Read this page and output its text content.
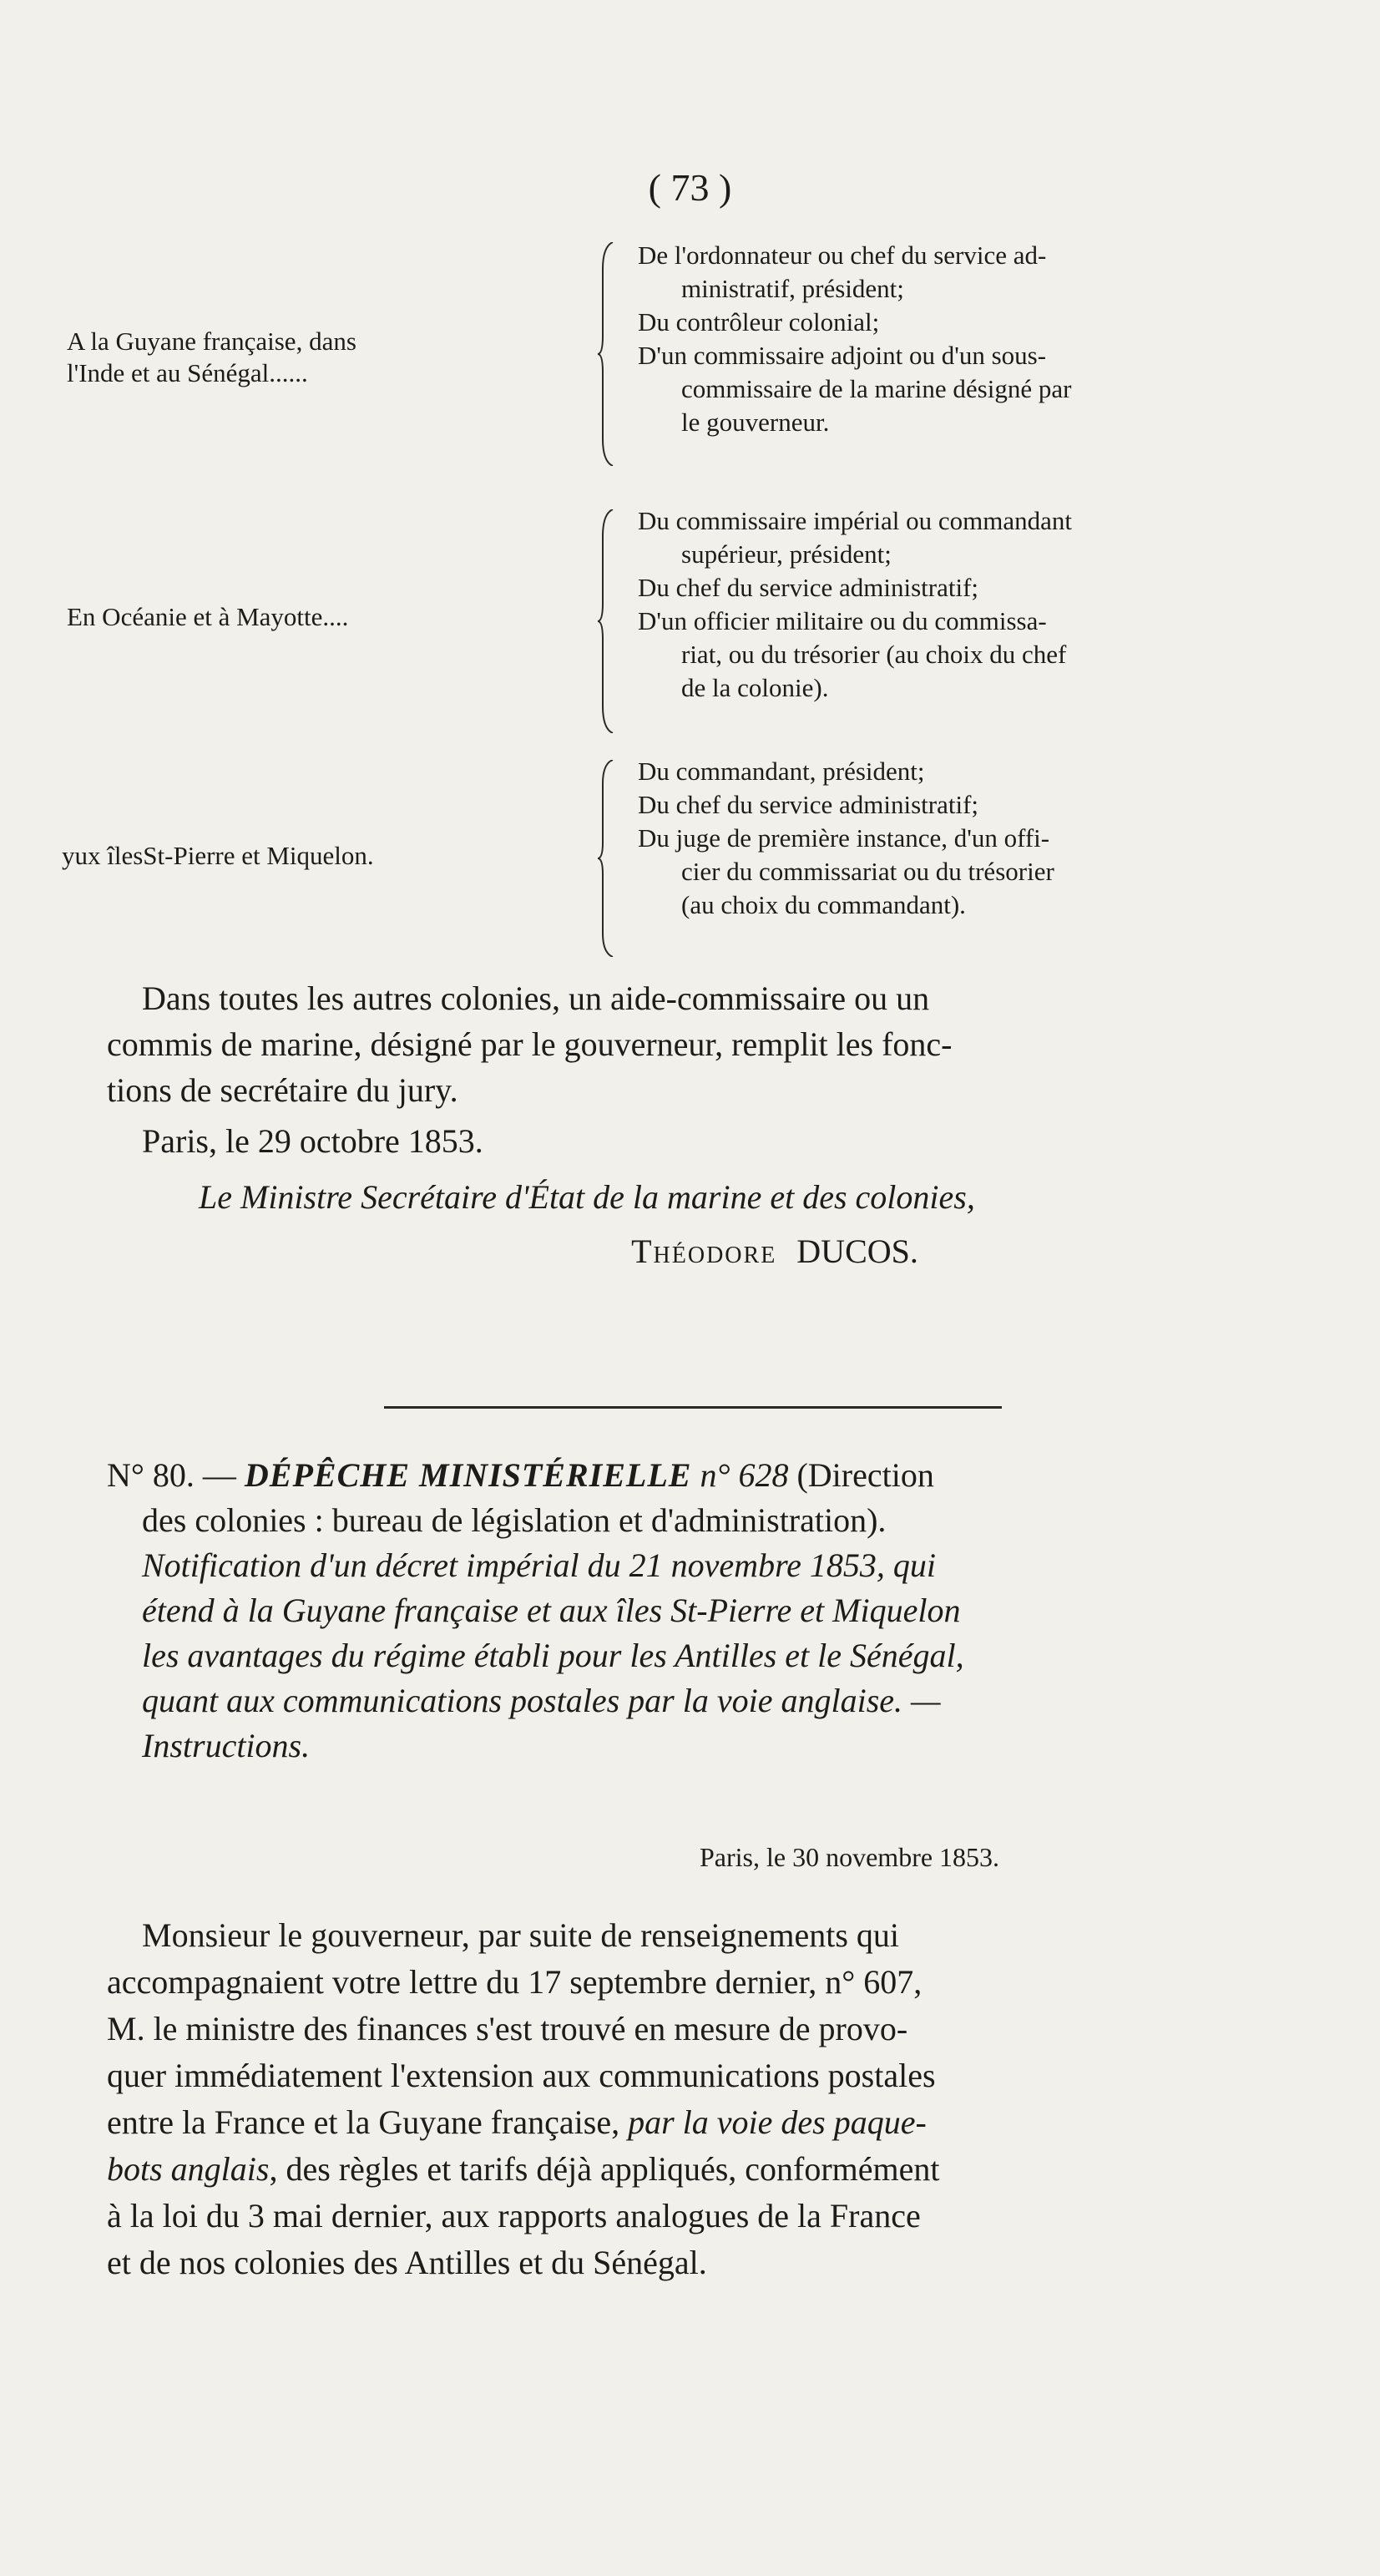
( 73 )
A la Guyane française, dans
l'Inde et au Sénégal......
De l'ordonnateur ou chef du service ad-
ministratif, président;
Du contrôleur colonial;
D'un commissaire adjoint ou d'un sous-
commissaire de la marine désigné par
le gouverneur.
En Océanie et à Mayotte....
Du commissaire impérial ou commandant
supérieur, président;
Du chef du service administratif;
D'un officier militaire ou du commissa-
riat, ou du trésorier (au choix du chef
de la colonie).
yux îlesSt-Pierre et Miquelon.
Du commandant, président;
Du chef du service administratif;
Du juge de première instance, d'un offi-
cier du commissariat ou du trésorier
(au choix du commandant).
Dans toutes les autres colonies, un aide-commissaire ou un
commis de marine, désigné par le gouverneur, remplit les fonc-
tions de secrétaire du jury.
Paris, le 29 octobre 1853.
Le Ministre Secrétaire d'État de la marine et des colonies,
Théodore DUCOS.
N° 80. — DÉPÊCHE MINISTÉRIELLE n° 628 (Direction
des colonies : bureau de législation et d'administration).
Notification d'un décret impérial du 21 novembre 1853, qui
étend à la Guyane française et aux îles St-Pierre et Miquelon
les avantages du régime établi pour les Antilles et le Sénégal,
quant aux communications postales par la voie anglaise. —
Instructions.
Paris, le 30 novembre 1853.
Monsieur le gouverneur, par suite de renseignements qui
accompagnaient votre lettre du 17 septembre dernier, n° 607,
M. le ministre des finances s'est trouvé en mesure de provo-
quer immédiatement l'extension aux communications postales
entre la France et la Guyane française, par la voie des paque-
bots anglais, des règles et tarifs déjà appliqués, conformément
à la loi du 3 mai dernier, aux rapports analogues de la France
et de nos colonies des Antilles et du Sénégal.
